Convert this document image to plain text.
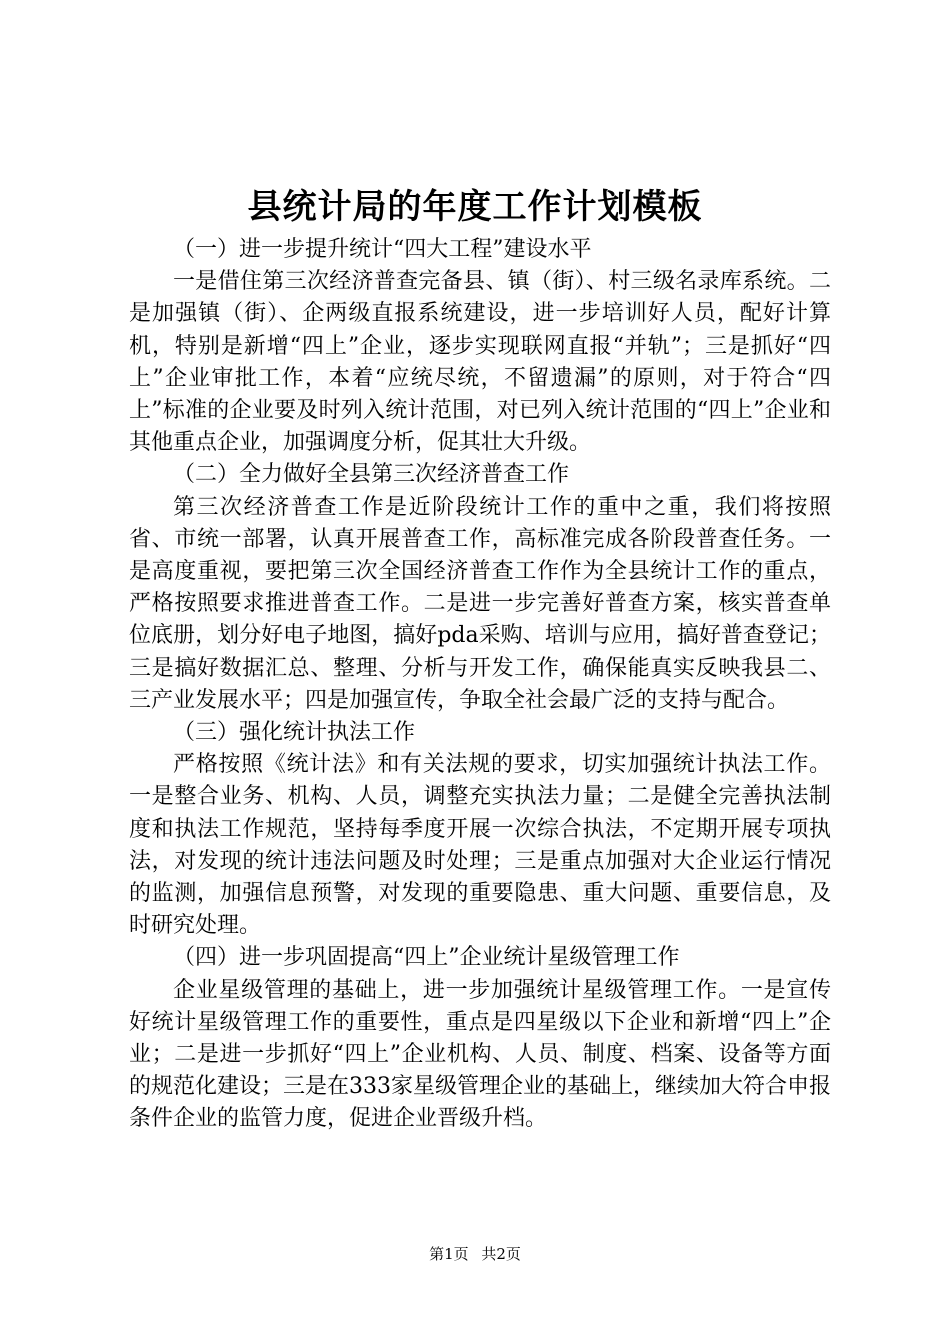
县统计局的年度工作计划模板

（一）进一步提升统计“四大工程”建设水平

一是借住第三次经济普查完备县、镇（街）、村三级名录库系统。二是加强镇（街）、企两级直报系统建设，进一步培训好人员，配好计算机，特别是新增“四上”企业，逐步实现联网直报“并轨”；三是抓好“四上”企业审批工作，本着“应统尽统，不留遗漏”的原则，对于符合“四上”标准的企业要及时列入统计范围，对已列入统计范围的“四上”企业和其他重点企业，加强调度分析，促其壮大升级。

（二）全力做好全县第三次经济普查工作

第三次经济普查工作是近阶段统计工作的重中之重，我们将按照省、市统一部署，认真开展普查工作，高标准完成各阶段普查任务。一是高度重视，要把第三次全国经济普查工作作为全县统计工作的重点，严格按照要求推进普查工作。二是进一步完善好普查方案，核实普查单位底册，划分好电子地图，搞好pda采购、培训与应用，搞好普查登记；三是搞好数据汇总、整理、分析与开发工作，确保能真实反映我县二、三产业发展水平；四是加强宣传，争取全社会最广泛的支持与配合。

（三）强化统计执法工作

严格按照《统计法》和有关法规的要求，切实加强统计执法工作。一是整合业务、机构、人员，调整充实执法力量；二是健全完善执法制度和执法工作规范，坚持每季度开展一次综合执法，不定期开展专项执法，对发现的统计违法问题及时处理；三是重点加强对大企业运行情况的监测，加强信息预警，对发现的重要隐患、重大问题、重要信息，及时研究处理。

（四）进一步巩固提高“四上”企业统计星级管理工作

企业星级管理的基础上，进一步加强统计星级管理工作。一是宣传好统计星级管理工作的重要性，重点是四星级以下企业和新增“四上”企业；二是进一步抓好“四上”企业机构、人员、制度、档案、设备等方面的规范化建设；三是在333家星级管理企业的基础上，继续加大符合申报条件企业的监管力度，促进企业晋级升档。

第1页 共2页
